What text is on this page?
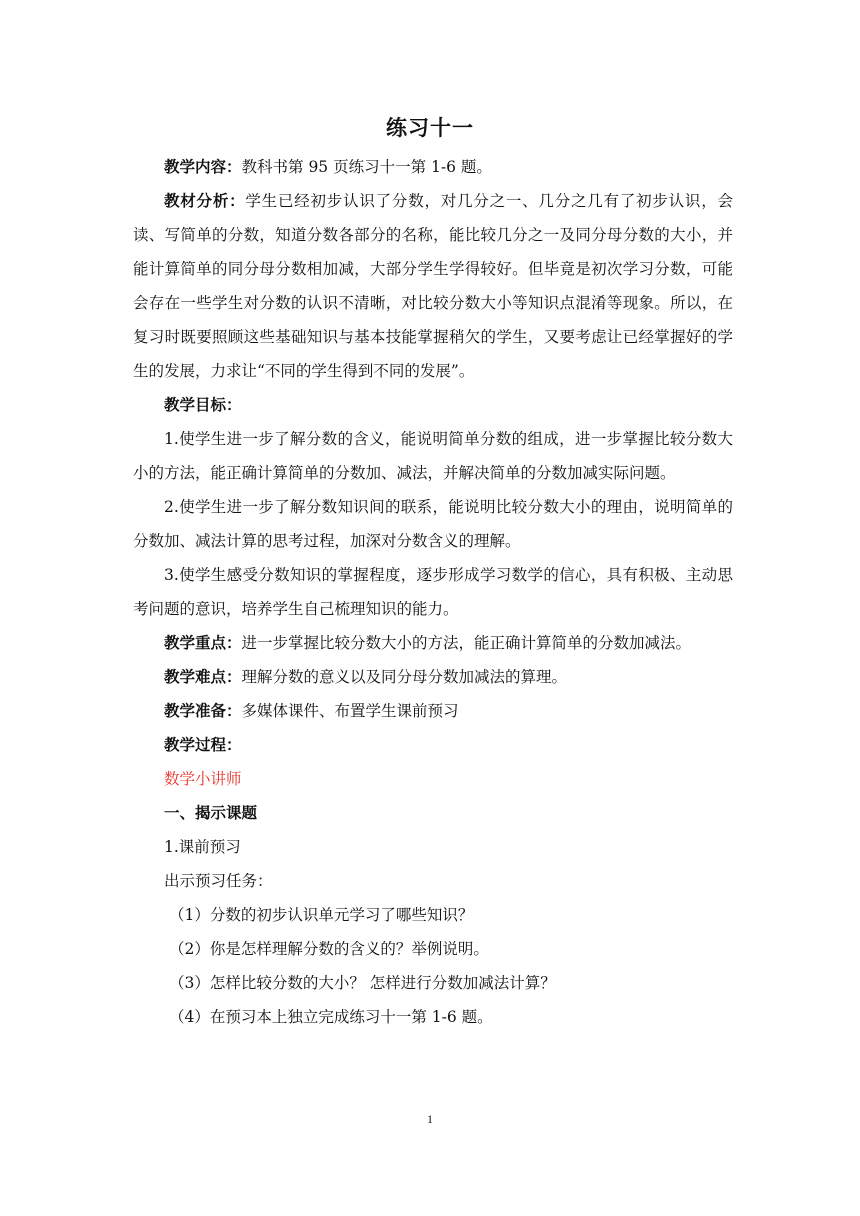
练习十一

教学内容：教科书第 95 页练习十一第 1-6 题。

教材分析：学生已经初步认识了分数，对几分之一、几分之几有了初步认识，会读、写简单的分数，知道分数各部分的名称，能比较几分之一及同分母分数的大小，并能计算简单的同分母分数相加减，大部分学生学得较好。但毕竟是初次学习分数，可能会存在一些学生对分数的认识不清晰，对比较分数大小等知识点混淆等现象。所以，在复习时既要照顾这些基础知识与基本技能掌握稍欠的学生，又要考虑让已经掌握好的学生的发展，力求让“不同的学生得到不同的发展”。

教学目标：

1.使学生进一步了解分数的含义，能说明简单分数的组成，进一步掌握比较分数大小的方法，能正确计算简单的分数加、减法，并解决简单的分数加减实际问题。

2.使学生进一步了解分数知识间的联系，能说明比较分数大小的理由，说明简单的分数加、减法计算的思考过程，加深对分数含义的理解。

3.使学生感受分数知识的掌握程度，逐步形成学习数学的信心，具有积极、主动思考问题的意识，培养学生自己梳理知识的能力。

教学重点：进一步掌握比较分数大小的方法，能正确计算简单的分数加减法。

教学难点：理解分数的意义以及同分母分数加减法的算理。

教学准备：多媒体课件、布置学生课前预习

教学过程：

数学小讲师

一、揭示课题

1.课前预习

出示预习任务：

（1）分数的初步认识单元学习了哪些知识？

（2）你是怎样理解分数的含义的？举例说明。

（3）怎样比较分数的大小？ 怎样进行分数加减法计算？

（4）在预习本上独立完成练习十一第 1-6 题。

1
